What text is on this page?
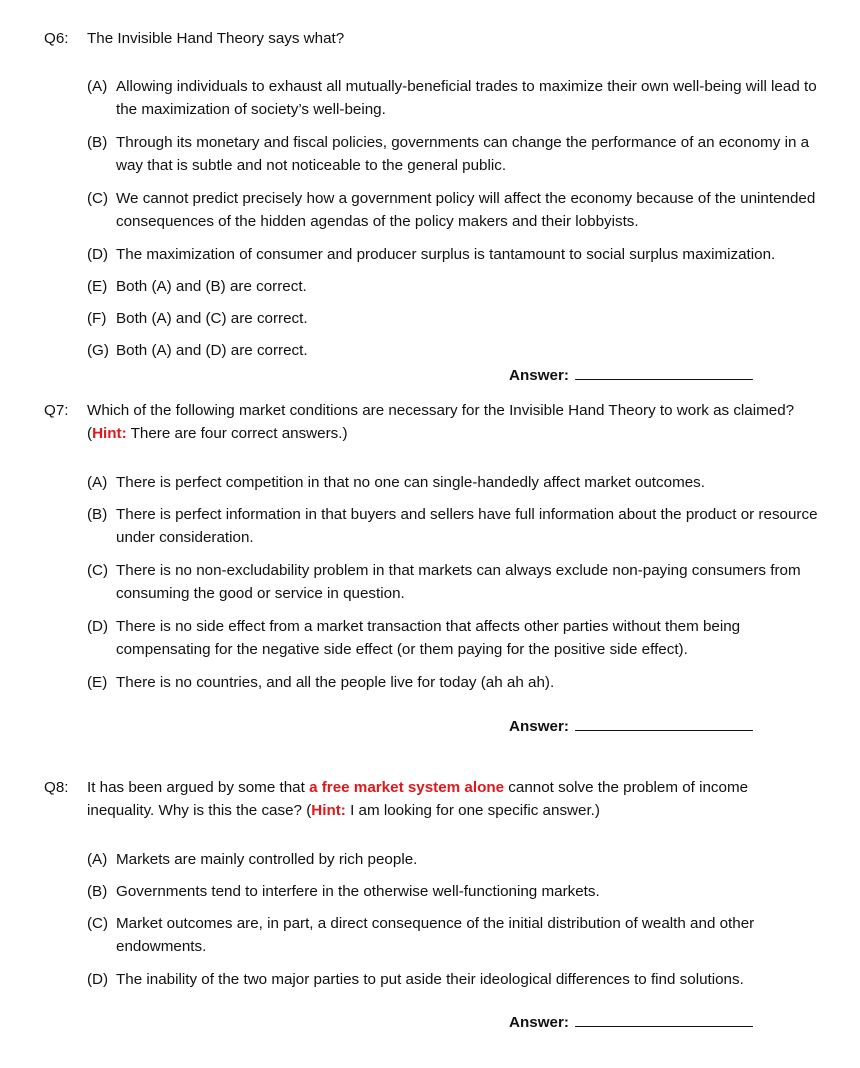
Q6: The Invisible Hand Theory says what?
(A) Allowing individuals to exhaust all mutually-beneficial trades to maximize their own well-being will lead to the maximization of society’s well-being.
(B) Through its monetary and fiscal policies, governments can change the performance of an economy in a way that is subtle and not noticeable to the general public.
(C) We cannot predict precisely how a government policy will affect the economy because of the unintended consequences of the hidden agendas of the policy makers and their lobbyists.
(D) The maximization of consumer and producer surplus is tantamount to social surplus maximization.
(E) Both (A) and (B) are correct.
(F) Both (A) and (C) are correct.
(G) Both (A) and (D) are correct.
Answer:
Q7: Which of the following market conditions are necessary for the Invisible Hand Theory to work as claimed? (Hint: There are four correct answers.)
(A) There is perfect competition in that no one can single-handedly affect market outcomes.
(B) There is perfect information in that buyers and sellers have full information about the product or resource under consideration.
(C) There is no non-excludability problem in that markets can always exclude non-paying consumers from consuming the good or service in question.
(D) There is no side effect from a market transaction that affects other parties without them being compensating for the negative side effect (or them paying for the positive side effect).
(E) There is no countries, and all the people live for today (ah ah ah).
Answer:
Q8: It has been argued by some that a free market system alone cannot solve the problem of income inequality. Why is this the case? (Hint: I am looking for one specific answer.)
(A) Markets are mainly controlled by rich people.
(B) Governments tend to interfere in the otherwise well-functioning markets.
(C) Market outcomes are, in part, a direct consequence of the initial distribution of wealth and other endowments.
(D) The inability of the two major parties to put aside their ideological differences to find solutions.
Answer:
